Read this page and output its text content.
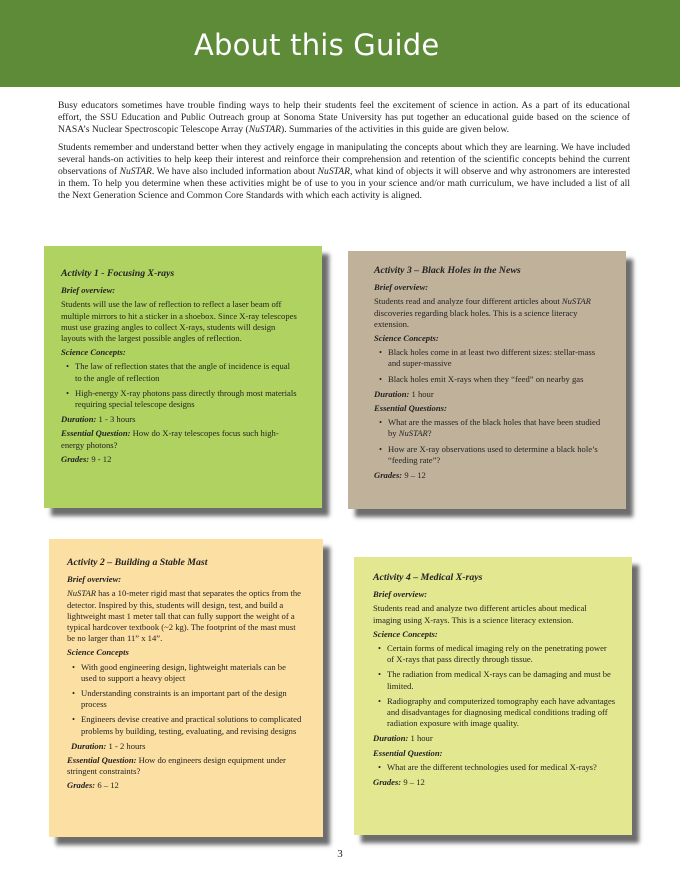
About this Guide

Busy educators sometimes have trouble finding ways to help their students feel the excitement of science in action. As a part of its educational effort, the SSU Education and Public Outreach group at Sonoma State University has put together an educational guide based on the science of NASA’s Nuclear Spectroscopic Telescope Array (NuSTAR). Summaries of the activities in this guide are given below.

Students remember and understand better when they actively engage in manipulating the concepts about which they are learning. We have included several hands-on activities to help keep their interest and reinforce their comprehension and retention of the scientific concepts behind the current observations of NuSTAR. We have also included information about NuSTAR, what kind of objects it will observe and why astronomers are interested in them. To help you determine when these activities might be of use to you in your science and/or math curriculum, we have included a list of all the Next Generation Science and Common Core Standards with which each activity is aligned.

Activity 1 - Focusing X-rays
Brief overview:
Students will use the law of reflection to reflect a laser beam off multiple mirrors to hit a sticker in a shoebox. Since X-ray telescopes must use grazing angles to collect X-rays, students will design layouts with the largest possible angles of reflection.
Science Concepts:
• The law of reflection states that the angle of incidence is equal to the angle of reflection
• High-energy X-ray photons pass directly through most materials requiring special telescope designs
Duration: 1 - 3 hours
Essential Question: How do X-ray telescopes focus such high-energy photons?
Grades: 9 - 12
Activity 3 – Black Holes in the News
Brief overview:
Students read and analyze four different articles about NuSTAR discoveries regarding black holes. This is a science literacy extension.
Science Concepts:
• Black holes come in at least two different sizes: stellar-mass and super-massive
• Black holes emit X-rays when they “feed” on nearby gas
Duration: 1 hour
Essential Questions:
• What are the masses of the black holes that have been studied by NuSTAR?
• How are X-ray observations used to determine a black hole’s “feeding rate”?
Grades: 9 – 12
Activity 2 – Building a Stable Mast
Brief overview:
NuSTAR has a 10-meter rigid mast that separates the optics from the detector. Inspired by this, students will design, test, and build a lightweight mast 1 meter tall that can fully support the weight of a typical hardcover textbook (~2 kg). The footprint of the mast must be no larger than 11” x 14”.
Science Concepts
• With good engineering design, lightweight materials can be used to support a heavy object
• Understanding constraints is an important part of the design process
• Engineers devise creative and practical solutions to complicated problems by building, testing, evaluating, and revising designs
Duration: 1 - 2 hours
Essential Question: How do engineers design equipment under stringent constraints?
Grades: 6 – 12
Activity 4 – Medical X-rays
Brief overview:
Students read and analyze two different articles about medical imaging using X-rays. This is a science literacy extension.
Science Concepts:
• Certain forms of medical imaging rely on the penetrating power of X-rays that pass directly through tissue.
• The radiation from medical X-rays can be damaging and must be limited.
• Radiography and computerized tomography each have advantages and disadvantages for diagnosing medical conditions trading off radiation exposure with image quality.
Duration: 1 hour
Essential Question:
• What are the different technologies used for medical X-rays?
Grades: 9 – 12
3
